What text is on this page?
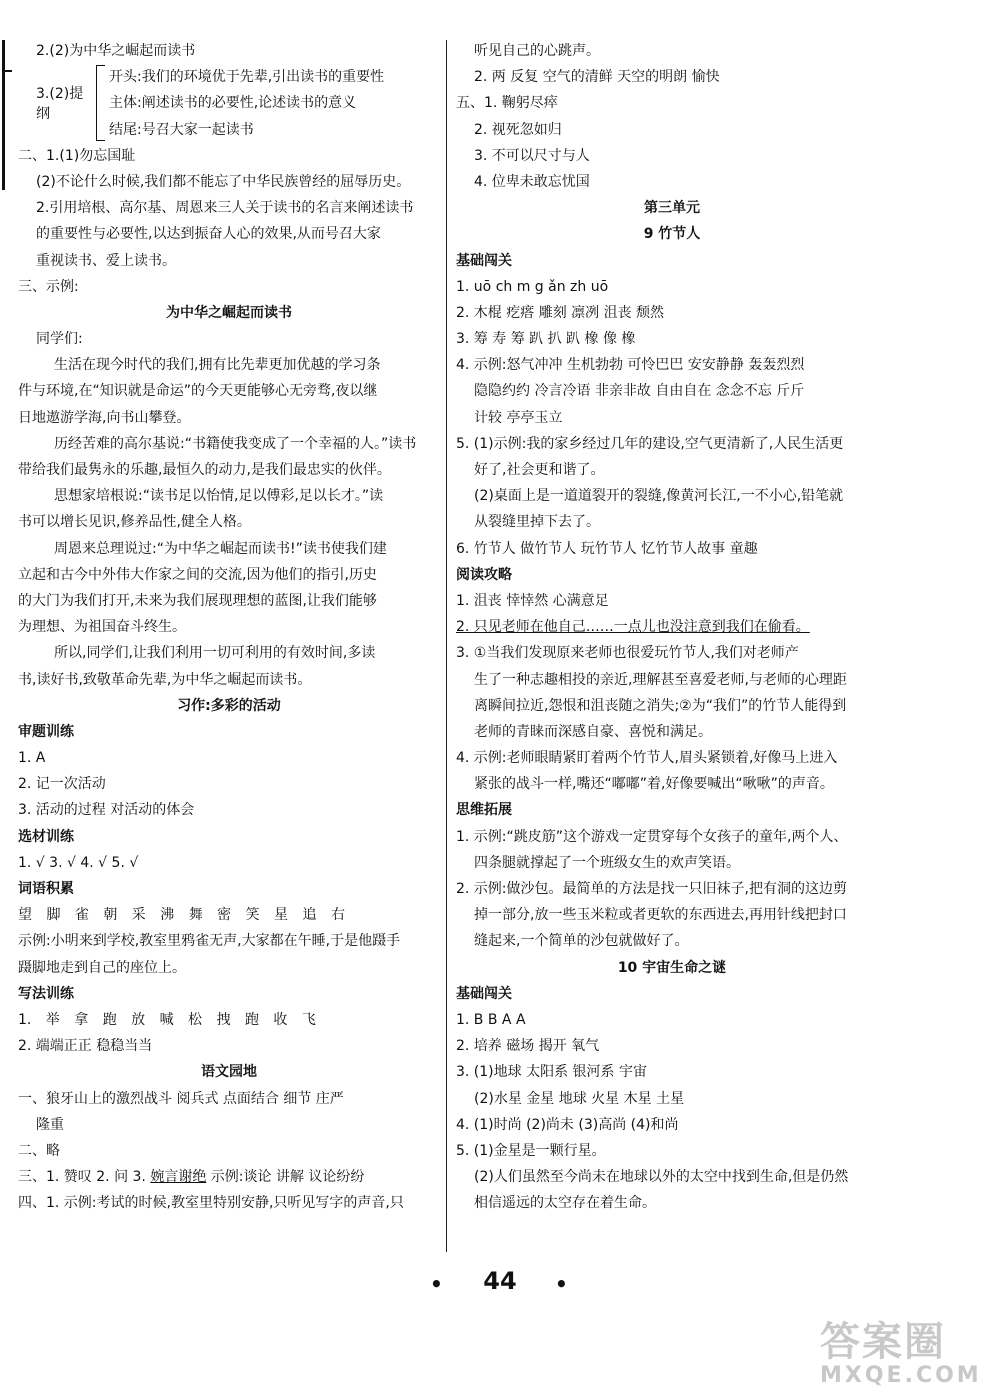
2.(2)为中华之崛起而读书
3.(2)提纲
开头:我们的环境优于先辈,引出读书的重要性
主体:阐述读书的必要性,论述读书的意义
结尾:号召大家一起读书
二、1.(1)勿忘国耻
(2)不论什么时候,我们都不能忘了中华民族曾经的屈辱历史。
2.引用培根、高尔基、周恩来三人关于读书的名言来阐述读书
的重要性与必要性,以达到振奋人心的效果,从而号召大家
重视读书、爱上读书。
三、示例:
为中华之崛起而读书
同学们:
生活在现今时代的我们,拥有比先辈更加优越的学习条
件与环境,在“知识就是命运”的今天更能够心无旁骛,夜以继
日地遨游学海,向书山攀登。
历经苦难的高尔基说:“书籍使我变成了一个幸福的人。”读书
带给我们最隽永的乐趣,最恒久的动力,是我们最忠实的伙伴。
思想家培根说:“读书足以怡情,足以傅彩,足以长才。”读
书可以增长见识,修养品性,健全人格。
周恩来总理说过:“为中华之崛起而读书!”读书使我们建
立起和古今中外伟大作家之间的交流,因为他们的指引,历史
的大门为我们打开,未来为我们展现理想的蓝图,让我们能够
为理想、为祖国奋斗终生。
所以,同学们,让我们利用一切可利用的有效时间,多读
书,读好书,致敬革命先辈,为中华之崛起而读书。
习作:多彩的活动
审题训练
1. A
2. 记一次活动
3. 活动的过程 对活动的体会
选材训练
1. √ 3. √ 4. √ 5. √
词语积累
望 脚 雀 朝 采 沸 舞 密 笑 星 追 右
示例:小明来到学校,教室里鸦雀无声,大家都在午睡,于是他蹑手
蹑脚地走到自己的座位上。
写法训练
1. 举 拿 跑 放 喊 松 拽 跑 收 飞
2. 端端正正 稳稳当当
语文园地
一、狼牙山上的激烈战斗 阅兵式 点面结合 细节 庄严
隆重
二、略
三、1. 赞叹 2. 问 3. 婉言谢绝 示例:谈论 讲解 议论纷纷
四、1. 示例:考试的时候,教室里特别安静,只听见写字的声音,只
听见自己的心跳声。
2. 两 反复 空气的清鲜 天空的明朗 愉快
五、1. 鞠躬尽瘁
2. 视死忽如归
3. 不可以尺寸与人
4. 位卑未敢忘忧国
第三单元
9 竹节人
基础闯关
1. uō ch m g ǎn zh uō
2. 木棍 疙瘩 雕刻 凛冽 沮丧 颓然
3. 筹 寿 筹 趴 扒 趴 橡 像 橡
4. 示例:怒气冲冲 生机勃勃 可怜巴巴 安安静静 轰轰烈烈
隐隐约约 冷言冷语 非亲非故 自由自在 念念不忘 斤斤
计较 亭亭玉立
5. (1)示例:我的家乡经过几年的建设,空气更清新了,人民生活更
好了,社会更和谐了。
(2)桌面上是一道道裂开的裂缝,像黄河长江,一不小心,铅笔就
从裂缝里掉下去了。
6. 竹节人 做竹节人 玩竹节人 忆竹节人故事 童趣
阅读攻略
1. 沮丧 悻悻然 心满意足
2. 只见老师在他自己……一点儿也没注意到我们在偷看。
3. ①当我们发现原来老师也很爱玩竹节人,我们对老师产
生了一种志趣相投的亲近,理解甚至喜爱老师,与老师的心理距
离瞬间拉近,怨恨和沮丧随之消失;②为“我们”的竹节人能得到
老师的青睐而深感自豪、喜悦和满足。
4. 示例:老师眼睛紧盯着两个竹节人,眉头紧锁着,好像马上进入
紧张的战斗一样,嘴还“嘟嘟”着,好像要喊出“啾啾”的声音。
思维拓展
1. 示例:“跳皮筋”这个游戏一定贯穿每个女孩子的童年,两个人、
四条腿就撑起了一个班级女生的欢声笑语。
2. 示例:做沙包。最简单的方法是找一只旧袜子,把有洞的这边剪
掉一部分,放一些玉米粒或者更软的东西进去,再用针线把封口
缝起来,一个简单的沙包就做好了。
10 宇宙生命之谜
基础闯关
1. B B A A
2. 培养 磁场 揭开 氧气
3. (1)地球 太阳系 银河系 宇宙
(2)水星 金星 地球 火星 木星 土星
4. (1)时尚 (2)尚未 (3)高尚 (4)和尚
5. (1)金星是一颗行星。
(2)人们虽然至今尚未在地球以外的太空中找到生命,但是仍然
相信遥远的太空存在着生命。
•	44	•
答案圈
MXQE.COM
